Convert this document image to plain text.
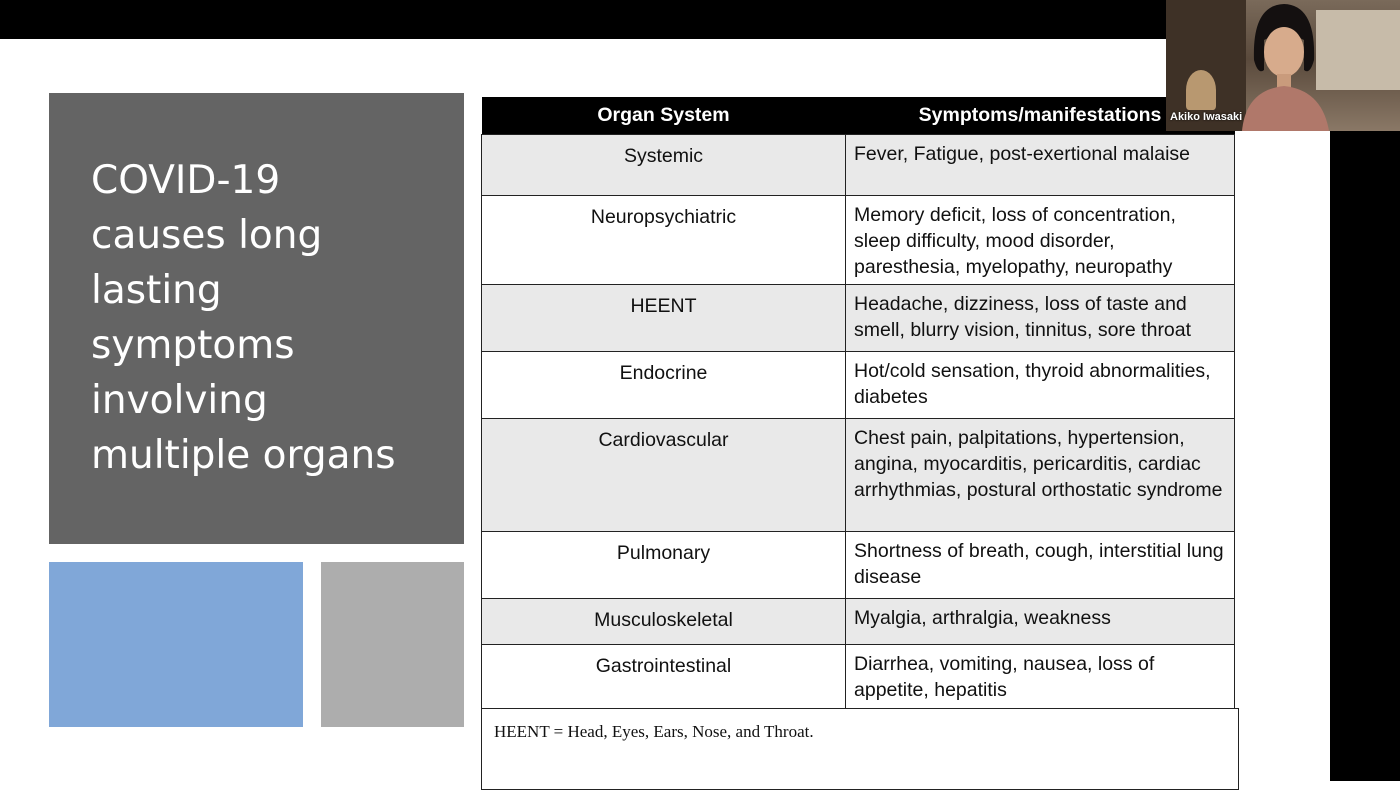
COVID-19
causes long
lasting
symptoms
involving
multiple organs
Organ System	Symptoms/manifestations
Systemic	Fever, Fatigue, post-exertional malaise
Neuropsychiatric	Memory deficit, loss of concentration, sleep difficulty, mood disorder, paresthesia, myelopathy, neuropathy
HEENT	Headache, dizziness, loss of taste and smell, blurry vision, tinnitus, sore throat
Endocrine	Hot/cold sensation, thyroid abnormalities, diabetes
Cardiovascular	Chest pain, palpitations, hypertension, angina, myocarditis, pericarditis, cardiac arrhythmias, postural orthostatic syndrome
Pulmonary	Shortness of breath, cough, interstitial lung disease
Musculoskeletal	Myalgia, arthralgia, weakness
Gastrointestinal	Diarrhea, vomiting, nausea, loss of appetite, hepatitis
HEENT = Head, Eyes, Ears, Nose, and Throat.
Akiko Iwasaki
